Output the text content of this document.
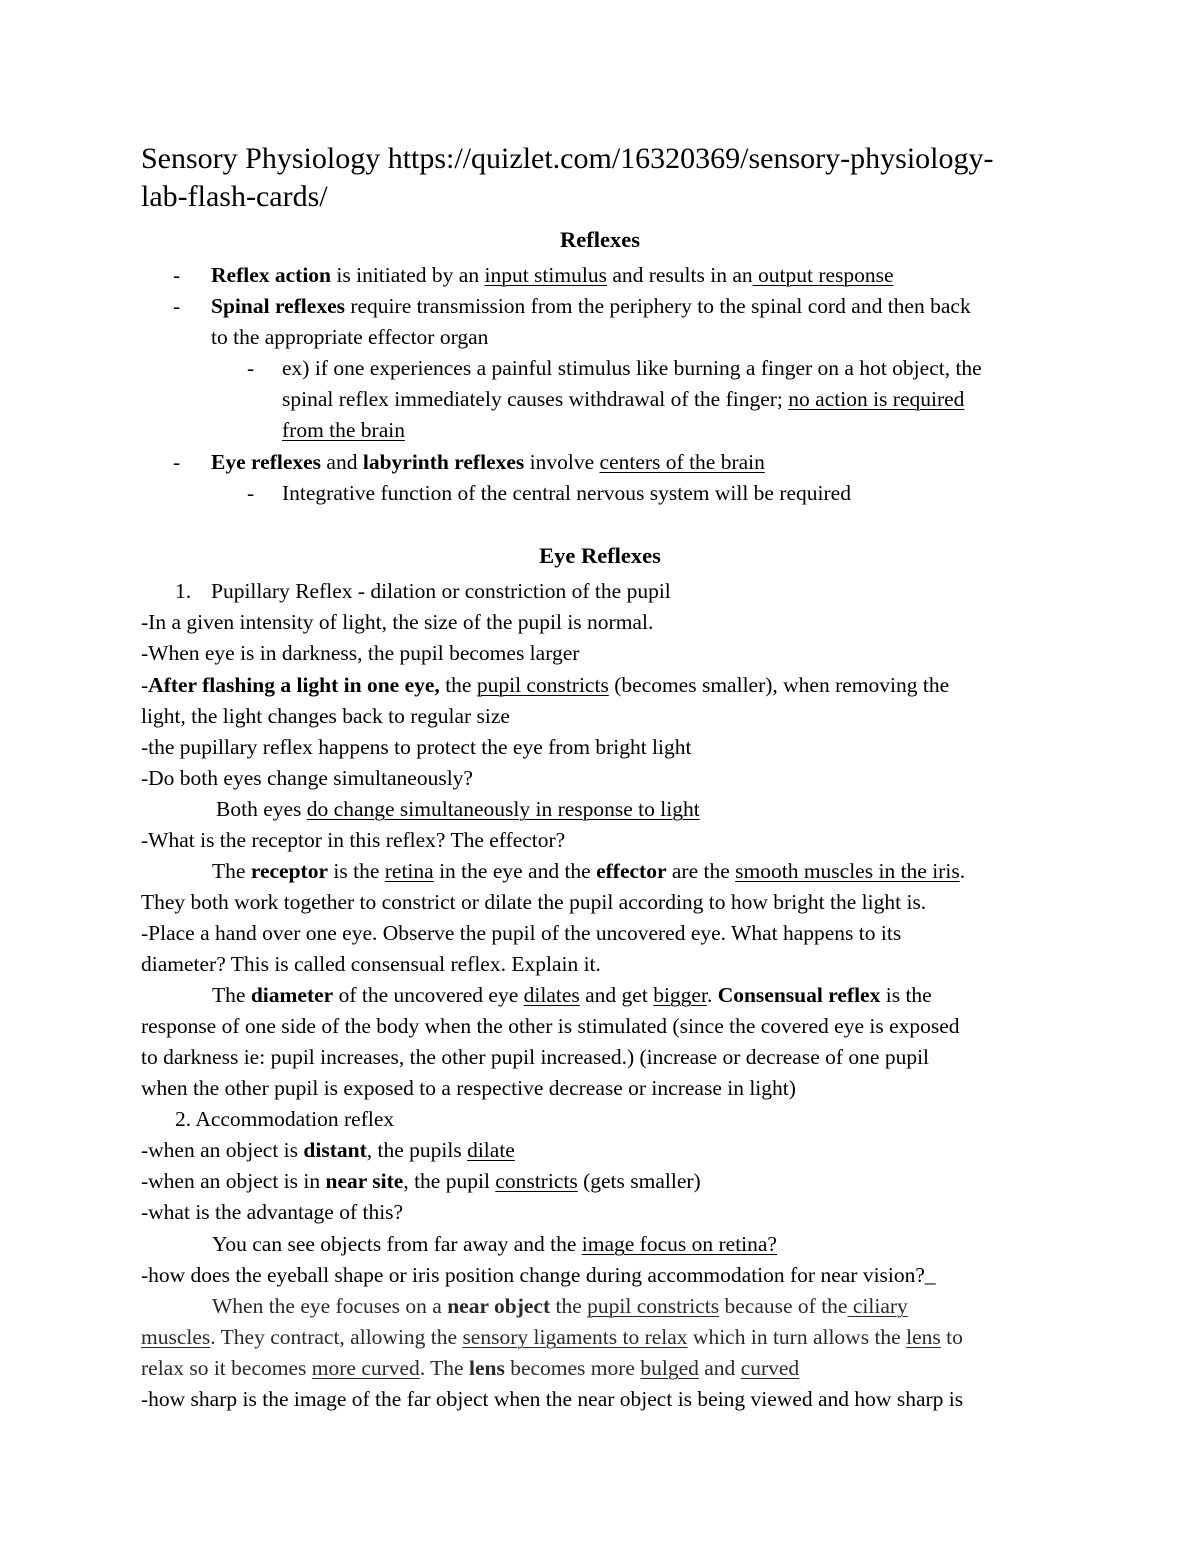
Sensory Physiology https://quizlet.com/16320369/sensory-physiology-
lab-flash-cards/
Reflexes
- Reflex action is initiated by an input stimulus and results in an output response
- Spinal reflexes require transmission from the periphery to the spinal cord and then back
to the appropriate effector organ
- ex) if one experiences a painful stimulus like burning a finger on a hot object, the
spinal reflex immediately causes withdrawal of the finger; no action is required
from the brain
- Eye reflexes and labyrinth reflexes involve centers of the brain
- Integrative function of the central nervous system will be required
Eye Reflexes
1. Pupillary Reflex - dilation or constriction of the pupil
-In a given intensity of light, the size of the pupil is normal.
-When eye is in darkness, the pupil becomes larger
-After flashing a light in one eye, the pupil constricts (becomes smaller), when removing the
light, the light changes back to regular size
-the pupillary reflex happens to protect the eye from bright light
-Do both eyes change simultaneously?
Both eyes do change simultaneously in response to light
-What is the receptor in this reflex? The effector?
The receptor is the retina in the eye and the effector are the smooth muscles in the iris.
They both work together to constrict or dilate the pupil according to how bright the light is.
-Place a hand over one eye. Observe the pupil of the uncovered eye. What happens to its
diameter? This is called consensual reflex. Explain it.
The diameter of the uncovered eye dilates and get bigger. Consensual reflex is the
response of one side of the body when the other is stimulated (since the covered eye is exposed
to darkness ie: pupil increases, the other pupil increased.) (increase or decrease of one pupil
when the other pupil is exposed to a respective decrease or increase in light)
2. Accommodation reflex
-when an object is distant, the pupils dilate
-when an object is in near site, the pupil constricts (gets smaller)
-what is the advantage of this?
You can see objects from far away and the image focus on retina?
-how does the eyeball shape or iris position change during accommodation for near vision?_
When the eye focuses on a near object the pupil constricts because of the ciliary
muscles. They contract, allowing the sensory ligaments to relax which in turn allows the lens to
relax so it becomes more curved. The lens becomes more bulged and curved
-how sharp is the image of the far object when the near object is being viewed and how sharp is
